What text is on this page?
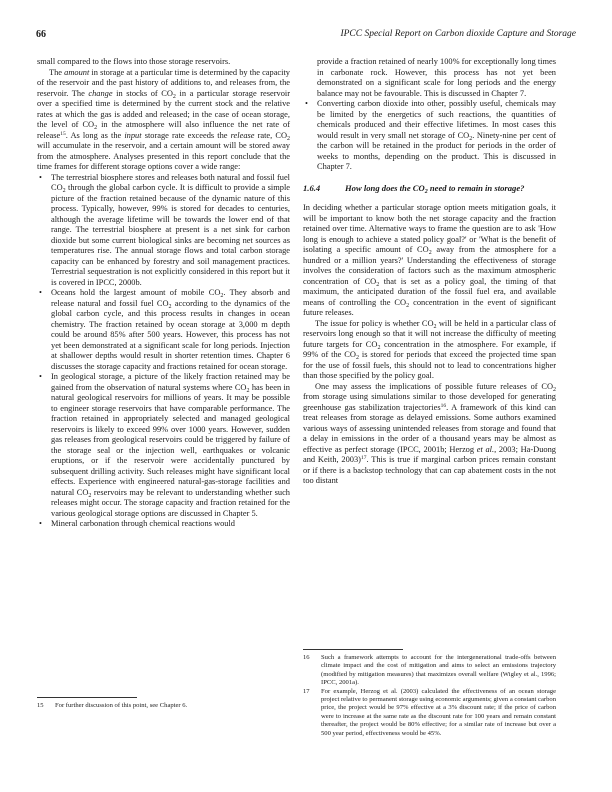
66	IPCC Special Report on Carbon dioxide Capture and Storage

small compared to the flows into those storage reservoirs.

The amount in storage at a particular time is determined by the capacity of the reservoir and the past history of additions to, and releases from, the reservoir. The change in stocks of $CO_2$ in a particular storage reservoir over a specified time is determined by the current stock and the relative rates at which the gas is added and released; in the case of ocean storage, the level of $CO_2$ in the atmosphere will also influence the net rate of release$^{15}$. As long as the input storage rate exceeds the release rate, $CO_2$ will accumulate in the reservoir, and a certain amount will be stored away from the atmosphere. Analyses presented in this report conclude that the time frames for different storage options cover a wide range:

• The terrestrial biosphere stores and releases both natural and fossil fuel $CO_2$ through the global carbon cycle. It is difficult to provide a simple picture of the fraction retained because of the dynamic nature of this process. Typically, however, 99% is stored for decades to centuries, although the average lifetime will be towards the lower end of that range. The terrestrial biosphere at present is a net sink for carbon dioxide but some current biological sinks are becoming net sources as temperatures rise. The annual storage flows and total carbon storage capacity can be enhanced by forestry and soil management practices. Terrestrial sequestration is not explicitly considered in this report but it is covered in IPCC, 2000b.
• Oceans hold the largest amount of mobile $CO_2$. They absorb and release natural and fossil fuel $CO_2$ according to the dynamics of the global carbon cycle, and this process results in changes in ocean chemistry. The fraction retained by ocean storage at 3,000 m depth could be around 85% after 500 years. However, this process has not yet been demonstrated at a significant scale for long periods. Injection at shallower depths would result in shorter retention times. Chapter 6 discusses the storage capacity and fractions retained for ocean storage.
• In geological storage, a picture of the likely fraction retained may be gained from the observation of natural systems where $CO_2$ has been in natural geological reservoirs for millions of years. It may be possible to engineer storage reservoirs that have comparable performance. The fraction retained in appropriately selected and managed geological reservoirs is likely to exceed 99% over 1000 years. However, sudden gas releases from geological reservoirs could be triggered by failure of the storage seal or the injection well, earthquakes or volcanic eruptions, or if the reservoir were accidentally punctured by subsequent drilling activity. Such releases might have significant local effects. Experience with engineered natural-gas-storage facilities and natural $CO_2$ reservoirs may be relevant to understanding whether such releases might occur. The storage capacity and fraction retained for the various geological storage options are discussed in Chapter 5.
• Mineral carbonation through chemical reactions would
15	For further discussion of this point, see Chapter 6.

provide a fraction retained of nearly 100% for exceptionally long times in carbonate rock. However, this process has not yet been demonstrated on a significant scale for long periods and the energy balance may not be favourable. This is discussed in Chapter 7.

• Converting carbon dioxide into other, possibly useful, chemicals may be limited by the energetics of such reactions, the quantities of chemicals produced and their effective lifetimes. In most cases this would result in very small net storage of $CO_2$. Ninety-nine per cent of the carbon will be retained in the product for periods in the order of weeks to months, depending on the product. This is discussed in Chapter 7.
1.6.4	How long does the $CO_2$ need to remain in storage?

In deciding whether a particular storage option meets mitigation goals, it will be important to know both the net storage capacity and the fraction retained over time. Alternative ways to frame the question are to ask 'How long is enough to achieve a stated policy goal?' or 'What is the benefit of isolating a specific amount of $CO_2$ away from the atmosphere for a hundred or a million years?' Understanding the effectiveness of storage involves the consideration of factors such as the maximum atmospheric concentration of $CO_2$ that is set as a policy goal, the timing of that maximum, the anticipated duration of the fossil fuel era, and available means of controlling the $CO_2$ concentration in the event of significant future releases.

The issue for policy is whether $CO_2$ will be held in a particular class of reservoirs long enough so that it will not increase the difficulty of meeting future targets for $CO_2$ concentration in the atmosphere. For example, if 99% of the $CO_2$ is stored for periods that exceed the projected time span for the use of fossil fuels, this should not to lead to concentrations higher than those specified by the policy goal.

One may assess the implications of possible future releases of $CO_2$ from storage using simulations similar to those developed for generating greenhouse gas stabilization trajectories$^{16}$. A framework of this kind can treat releases from storage as delayed emissions. Some authors examined various ways of assessing unintended releases from storage and found that a delay in emissions in the order of a thousand years may be almost as effective as perfect storage (IPCC, 2001b; Herzog et al., 2003; Ha-Duong and Keith, 2003)$^{17}$. This is true if marginal carbon prices remain constant or if there is a backstop technology that can cap abatement costs in the not too distant

16	Such a framework attempts to account for the intergenerational trade-offs between climate impact and the cost of mitigation and aims to select an emissions trajectory (modified by mitigation measures) that maximizes overall welfare (Wigley et al., 1996; IPCC, 2001a).
17	For example, Herzog et al. (2003) calculated the effectiveness of an ocean storage project relative to permanent storage using economic arguments; given a constant carbon price, the project would be 97% effective at a 3% discount rate; if the price of carbon were to increase at the same rate as the discount rate for 100 years and remain constant thereafter, the project would be 80% effective; for a similar rate of increase but over a 500 year period, effectiveness would be 45%.
